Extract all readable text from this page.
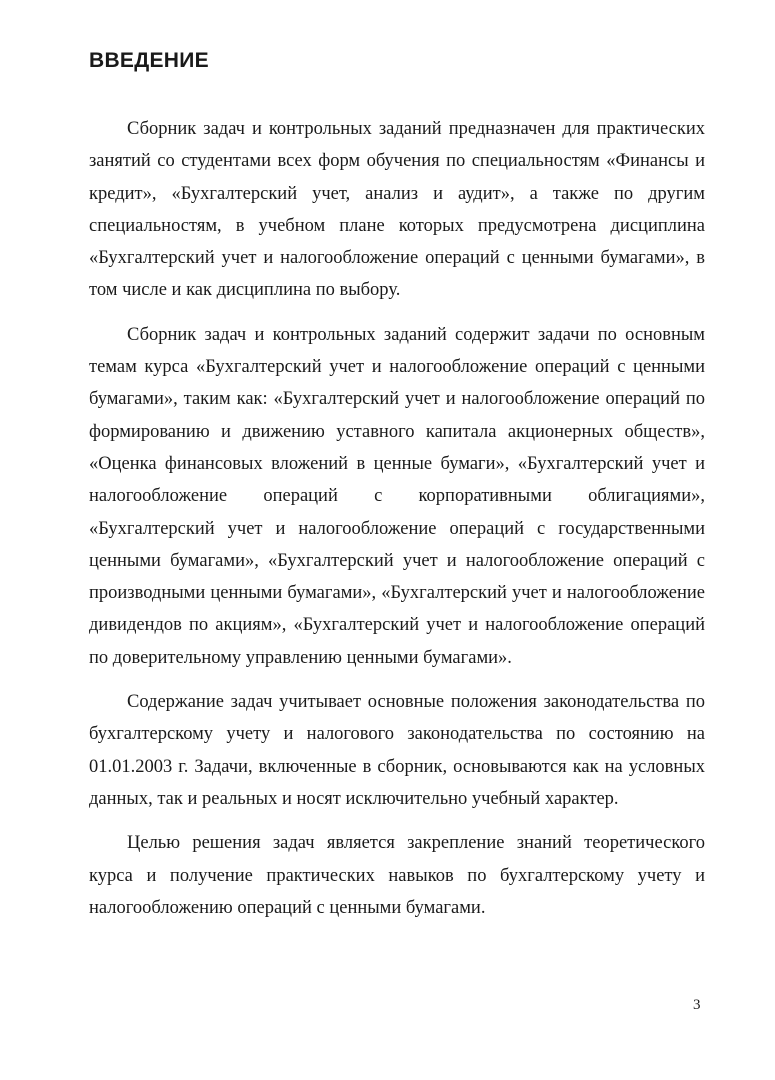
ВВЕДЕНИЕ

Сборник задач и контрольных заданий предназначен для практических занятий со студентами всех форм обучения по специальностям «Финансы и кредит», «Бухгалтерский учет, анализ и аудит», а также по другим специальностям, в учебном плане которых предусмотрена дисциплина «Бухгалтерский учет и налогообложение операций с ценными бумагами», в том числе и как дисциплина по выбору.

Сборник задач и контрольных заданий содержит задачи по основным темам курса «Бухгалтерский учет и налогообложение операций с ценными бумагами», таким как: «Бухгалтерский учет и налогообложение операций по формированию и движению уставного капитала акционерных обществ», «Оценка финансовых вложений в ценные бумаги», «Бухгалтерский учет и налогообложение операций с корпоративными облигациями», «Бухгалтерский учет и налогообложение операций с государственными ценными бумагами», «Бухгалтерский учет и налогообложение операций с производными ценными бумагами», «Бухгалтерский учет и налогообложение дивидендов по акциям», «Бухгалтерский учет и налогообложение операций по доверительному управлению ценными бумагами».

Содержание задач учитывает основные положения законодательства по бухгалтерскому учету и налогового законодательства по состоянию на 01.01.2003 г. Задачи, включенные в сборник, основываются как на условных данных, так и реальных и носят исключительно учебный характер.

Целью решения задач является закрепление знаний теоретического курса и получение практических навыков по бухгалтерскому учету и налогообложению операций с ценными бумагами.

3
